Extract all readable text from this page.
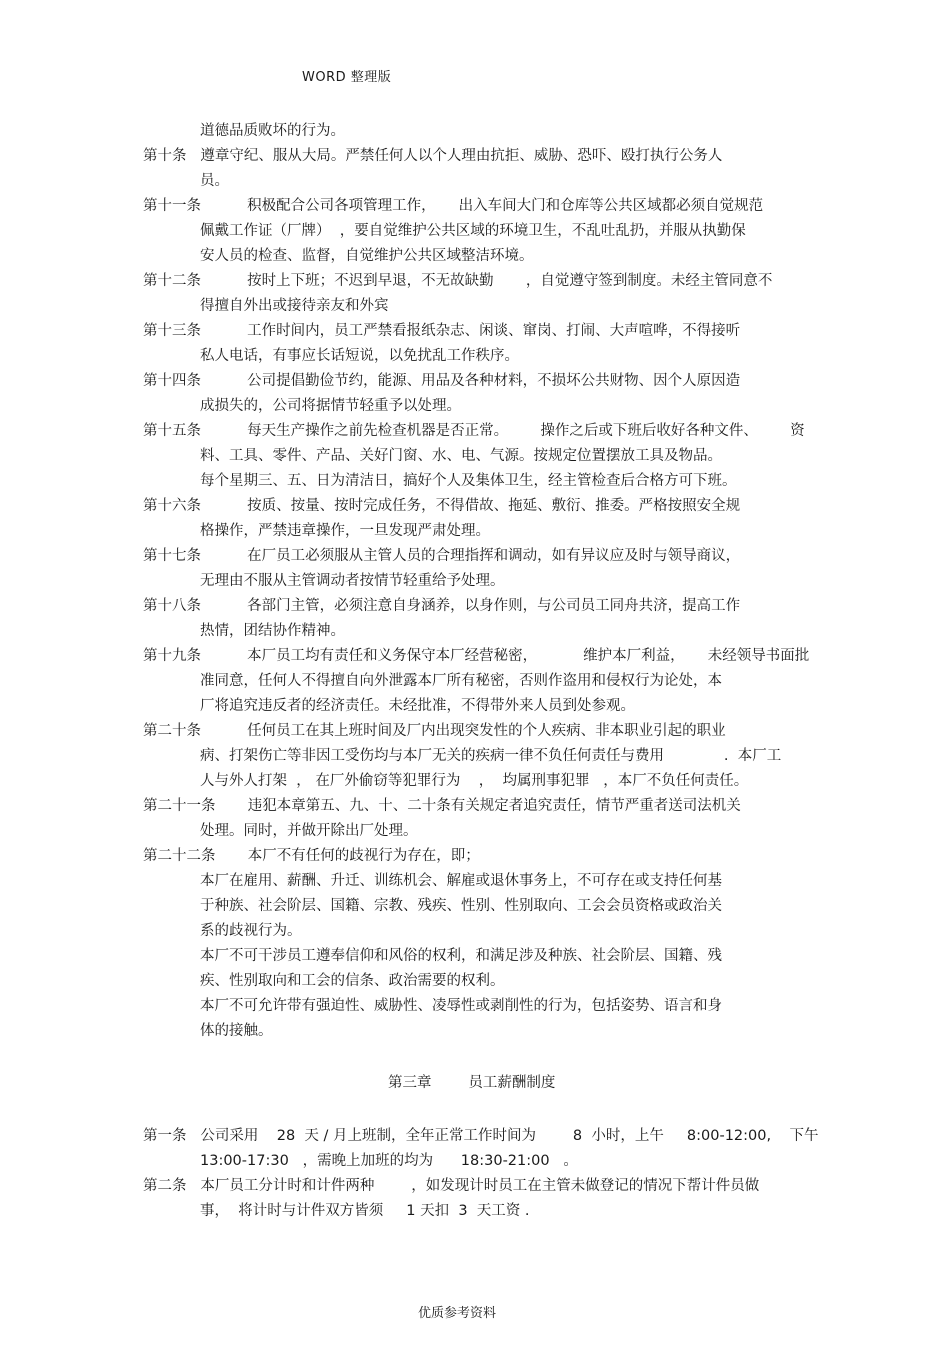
WORD 整理版
道德品质败坏的行为。
第十条   遵章守纪、服从大局。严禁任何人以个人理由抗拒、威胁、恐吓、殴打执行公务人
员。
第十一条          积极配合公司各项管理工作，     出入车间大门和仓库等公共区域都必须自觉规范
佩戴工作证（厂牌）  ，要自觉维护公共区域的环境卫生，不乱吐乱扔，并服从执勤保
安人员的检查、监督，自觉维护公共区域整洁环境。
第十二条          按时上下班；不迟到早退，不无故缺勤       ，自觉遵守签到制度。未经主管同意不
得擅自外出或接待亲友和外宾
第十三条          工作时间内，员工严禁看报纸杂志、闲谈、窜岗、打闹、大声喧哗，不得接听
私人电话，有事应长话短说，以免扰乱工作秩序。
第十四条          公司提倡勤俭节约，能源、用品及各种材料，不损坏公共财物、因个人原因造
成损失的，公司将据情节轻重予以处理。
第十五条          每天生产操作之前先检查机器是否正常。       操作之后或下班后收好各种文件、       资
料、工具、零件、产品、关好门窗、水、电、气源。按规定位置摆放工具及物品。
每个星期三、五、日为清洁日，搞好个人及集体卫生，经主管检查后合格方可下班。
第十六条          按质、按量、按时完成任务，不得借故、拖延、敷衍、推委。严格按照安全规
格操作，严禁违章操作，一旦发现严肃处理。
第十七条          在厂员工必须服从主管人员的合理指挥和调动，如有异议应及时与领导商议，
无理由不服从主管调动者按情节轻重给予处理。
第十八条          各部门主管，必须注意自身涵养，以身作则，与公司员工同舟共济，提高工作
热情，团结协作精神。
第十九条          本厂员工均有责任和义务保守本厂经营秘密，          维护本厂利益，     未经领导书面批
准同意，任何人不得擅自向外泄露本厂所有秘密，否则作盗用和侵权行为论处，本
厂将追究违反者的经济责任。未经批准，不得带外来人员到处参观。
第二十条          任何员工在其上班时间及厂内出现突发性的个人疾病、非本职业引起的职业
病、打架伤亡等非因工受伤均与本厂无关的疾病一律不负任何责任与费用             .  本厂工
人与外人打架  ， 在厂外偷窃等犯罪行为    ，  均属刑事犯罪   ，本厂不负任何责任。
第二十一条       违犯本章第五、九、十、二十条有关规定者追究责任，情节严重者送司法机关
处理。同时，并做开除出厂处理。
第二十二条       本厂不有任何的歧视行为存在，即；
本厂在雇用、薪酬、升迁、训练机会、解雇或退休事务上，不可存在或支持任何基
于种族、社会阶层、国籍、宗教、残疾、性别、性别取向、工会会员资格或政治关
系的歧视行为。
本厂不可干涉员工遵奉信仰和风俗的权利，和满足涉及种族、社会阶层、国籍、残
疾、性别取向和工会的信条、政治需要的权利。
本厂不可允许带有强迫性、威胁性、凌辱性或剥削性的行为，包括姿势、语言和身
体的接触。
第一条   公司采用    28  天 / 月上班制，全年正常工作时间为        8  小时，上午     8:00-12:00,    下午
13:00-17:30   ，需晚上加班的均为      18:30-21:00   。
第二条   本厂员工分计时和计件两种        ，如发现计时员工在主管未做登记的情况下帮计件员做
事，  将计时与计件双方皆须     1 天扣  3  天工资 .
第三章        员工薪酬制度
优质参考资料
